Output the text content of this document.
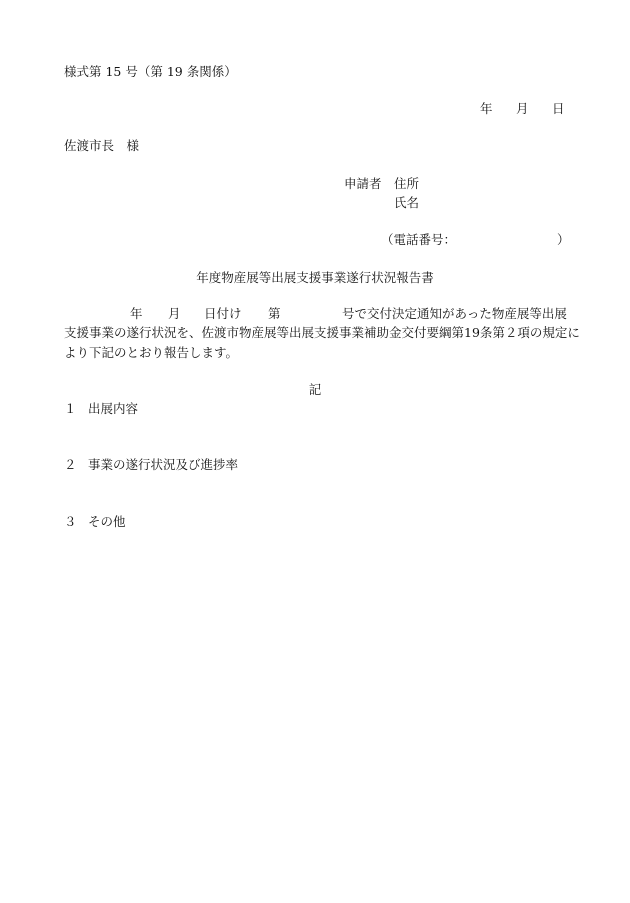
様式第 15 号（第 19 条関係）
年 月 日
佐渡市長　様
申請者 住所
氏名
（電話番号：	）
年度物産展等出展支援事業遂行状況報告書
年 月 日付け 第	号で交付決定通知があった物産展等出展
支援事業の遂行状況を、佐渡市物産展等出展支援事業補助金交付要綱第19条第２項の規定に
より下記のとおり報告します。
記
１ 出展内容
２ 事業の遂行状況及び進捗率
３ その他
